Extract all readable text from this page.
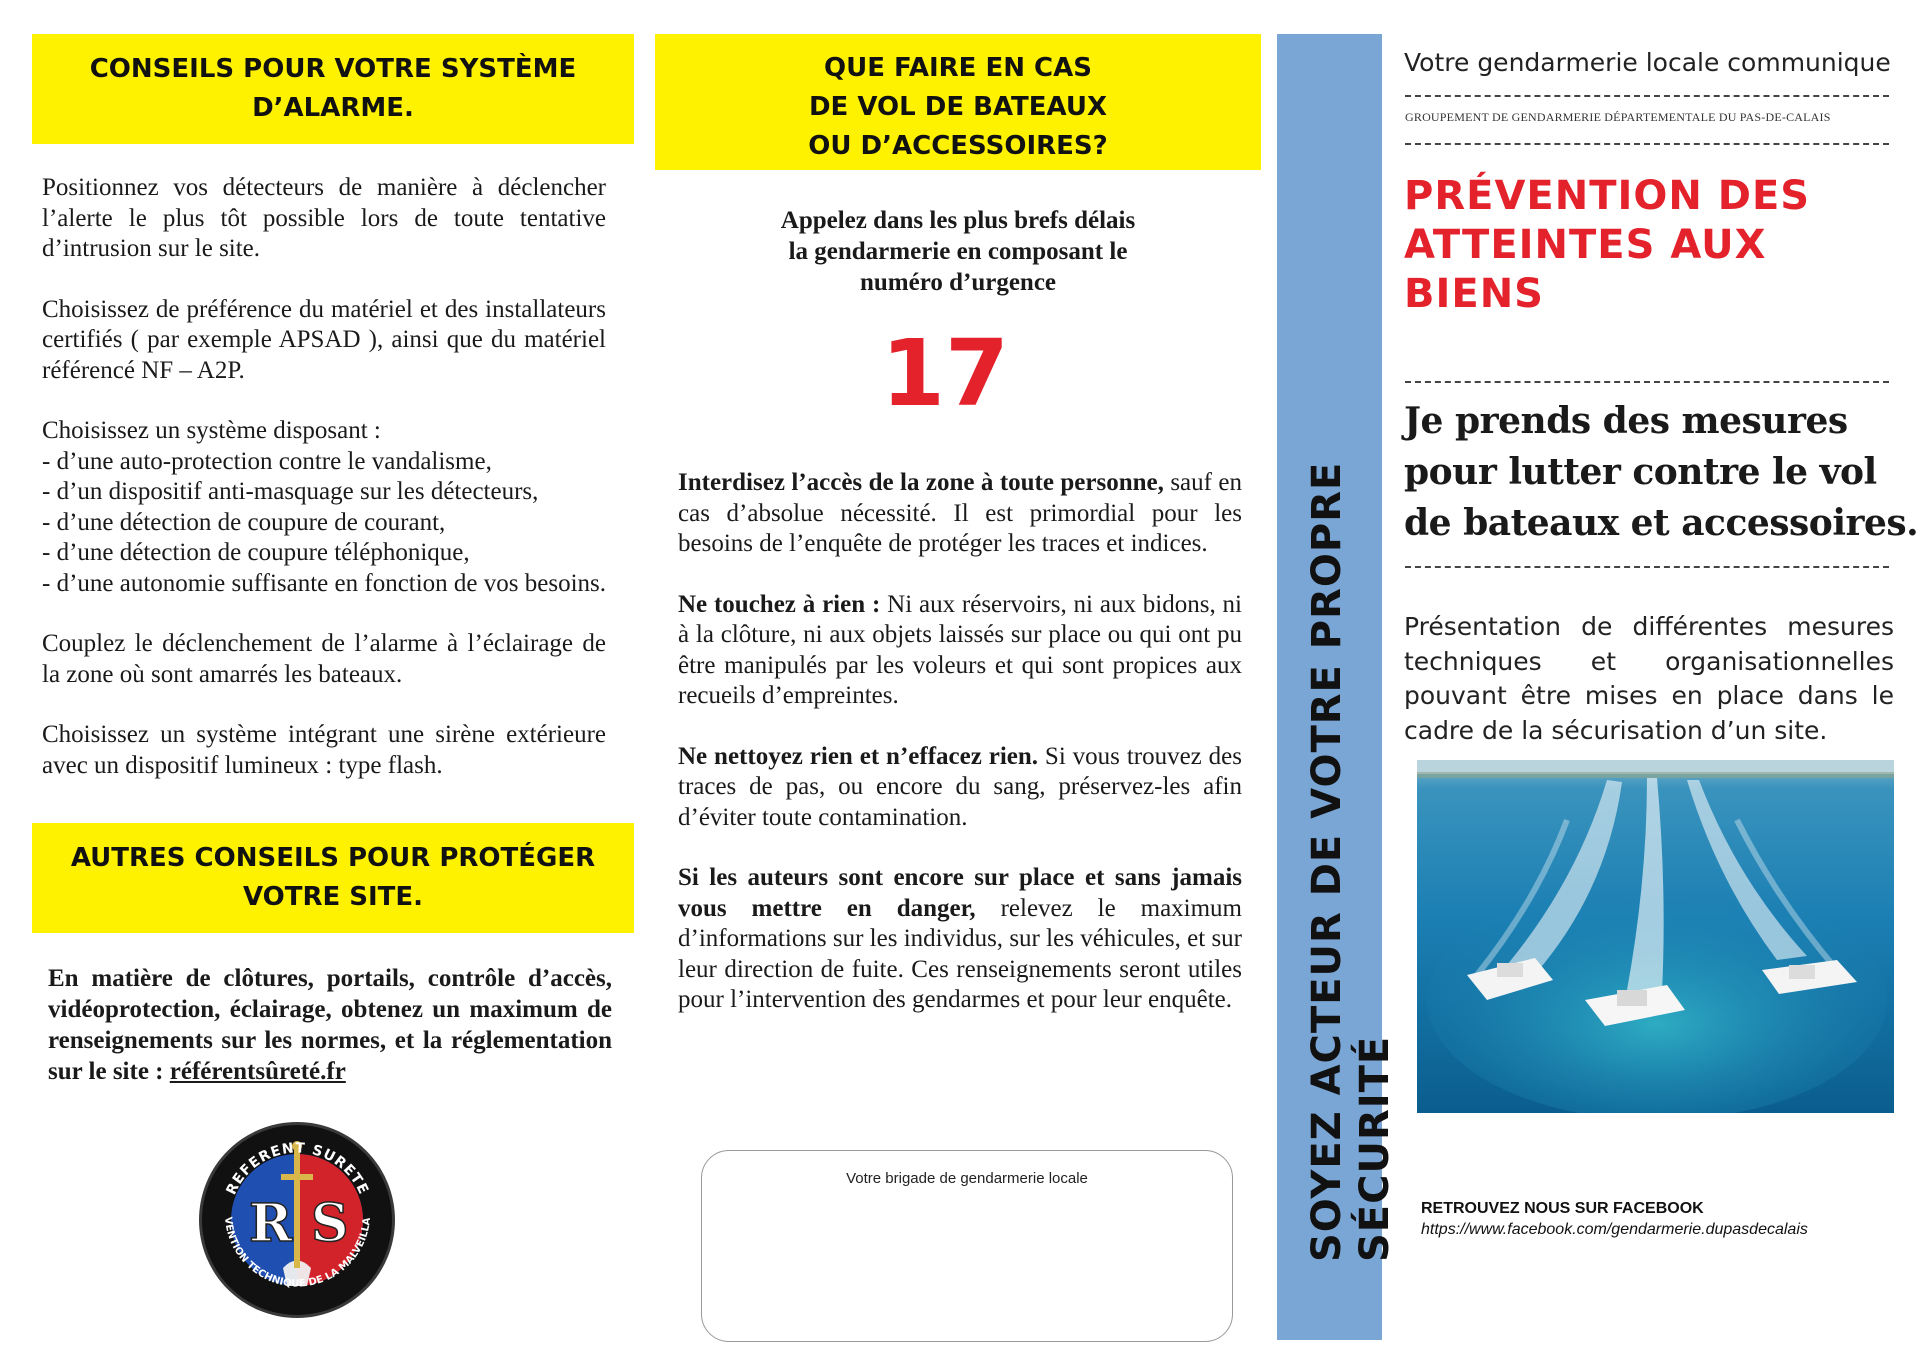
CONSEILS POUR VOTRE SYSTÈME
D’ALARME.

Positionnez vos détecteurs de manière à déclencher l’alerte le plus tôt possible lors de toute tentative d’intrusion sur le site.

Choisissez de préférence du matériel et des installateurs certifiés ( par exemple APSAD ), ainsi que du matériel référencé NF – A2P.

Choisissez un système disposant :

- d’une auto-protection contre le vandalisme,
- d’un dispositif anti-masquage sur les détecteurs,
- d’une détection de coupure de courant,
- d’une détection de coupure téléphonique,
- d’une autonomie suffisante en fonction de vos besoins.

Couplez le déclenchement de l’alarme à l’éclairage de la zone où sont amarrés les bateaux.

Choisissez un système intégrant une sirène extérieure avec un dispositif lumineux : type flash.

AUTRES CONSEILS POUR PROTÉGER
VOTRE SITE.
En matière de clôtures, portails, contrôle d’accès, vidéoprotection, éclairage, obtenez un maximum de renseignements sur les normes, et la réglementation sur le site : référentsûreté.fr
R S
REFERENT SURETE
VENTION TECHNIQUE DE LA MALVEILLA
QUE FAIRE EN CAS
DE VOL DE BATEAUX
OU D’ACCESSOIRES?
Appelez dans les plus brefs délais
la gendarmerie en composant le
numéro d’urgence
17

Interdisez l’accès de la zone à toute personne, sauf en cas d’absolue nécessité. Il est primordial pour les besoins de l’enquête de protéger les traces et indices.

Ne touchez à rien : Ni aux réservoirs, ni aux bidons, ni à la clôture, ni aux objets laissés sur place ou qui ont pu être manipulés par les voleurs et qui sont propices aux recueils d’empreintes.

Ne nettoyez rien et n’effacez rien. Si vous trouvez des traces de pas, ou encore du sang, préservez-les afin d’éviter toute contamination.

Si les auteurs sont encore sur place et sans jamais vous mettre en danger, relevez le maximum d’informations sur les individus, sur les véhicules, et sur leur direction de fuite. Ces renseignements seront utiles pour l’intervention des gendarmes et pour leur enquête.

Votre brigade de gendarmerie locale	SOYEZ ACTEUR DE VOTRE PROPRE SÉCURITÉ
Votre gendarmerie locale communique
GROUPEMENT DE GENDARMERIE DÉPARTEMENTALE DU PAS-DE-CALAIS
PRÉVENTION DES
ATTEINTES AUX
BIENS
Je prends des mesures
pour lutter contre le vol
de bateaux et accessoires.
Présentation de différentes mesures techniques et organisationnelles pouvant être mises en place dans le cadre de la sécurisation d’un site.
RETROUVEZ NOUS SUR FACEBOOK
https://www.facebook.com/gendarmerie.dupasdecalais
